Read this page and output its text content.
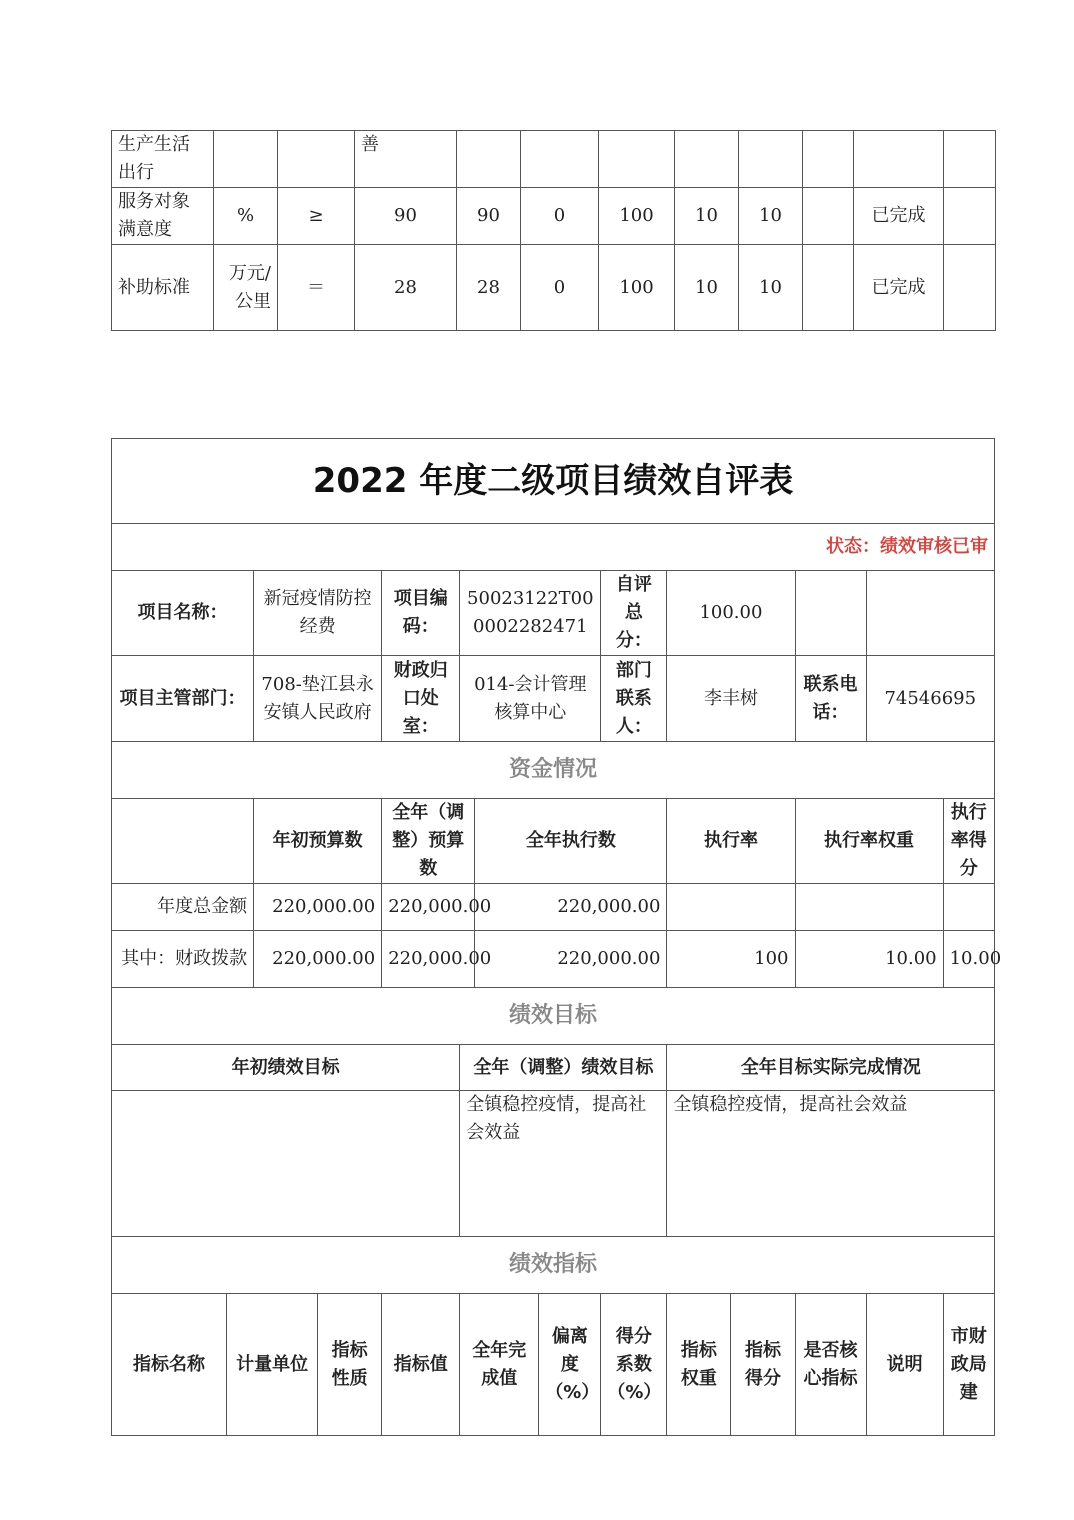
生产生活出行			善								
服务对象满意度	%	≥	90	90	0	100	10	10		已完成	
补助标准	万元/公里	＝	28	28	0	100	10	10		已完成	
2022 年度二级项目绩效自评表													
状态：绩效审核已审													
项目名称：		新冠疫情防控经费		项目编码：	50023122T000002282471			自评总分：	100.00				
项目主管部门：		708-垫江县永安镇人民政府		财政归口处室：	014-会计管理核算中心			部门联系人：	李丰树		联系电话：	74546695	
资金情况													
		年初预算数		全年（调整）预算数		全年执行数			执行率		执行率权重		执行率得分
年度总金额		220,000.00		220,000.00		220,000.00							
其中：财政拨款		220,000.00		220,000.00		220,000.00			100		10.00		10.00
绩效目标													
年初绩效目标					全年（调整）绩效目标				全年目标实际完成情况				
					全镇稳控疫情，提高社会效益				全镇稳控疫情，提高社会效益				
绩效指标													
指标名称	计量单位		指标性质	指标值	全年完成值		偏离度（%）	得分系数（%）	指标权重	指标得分	是否核心指标	说明	市财政局建
